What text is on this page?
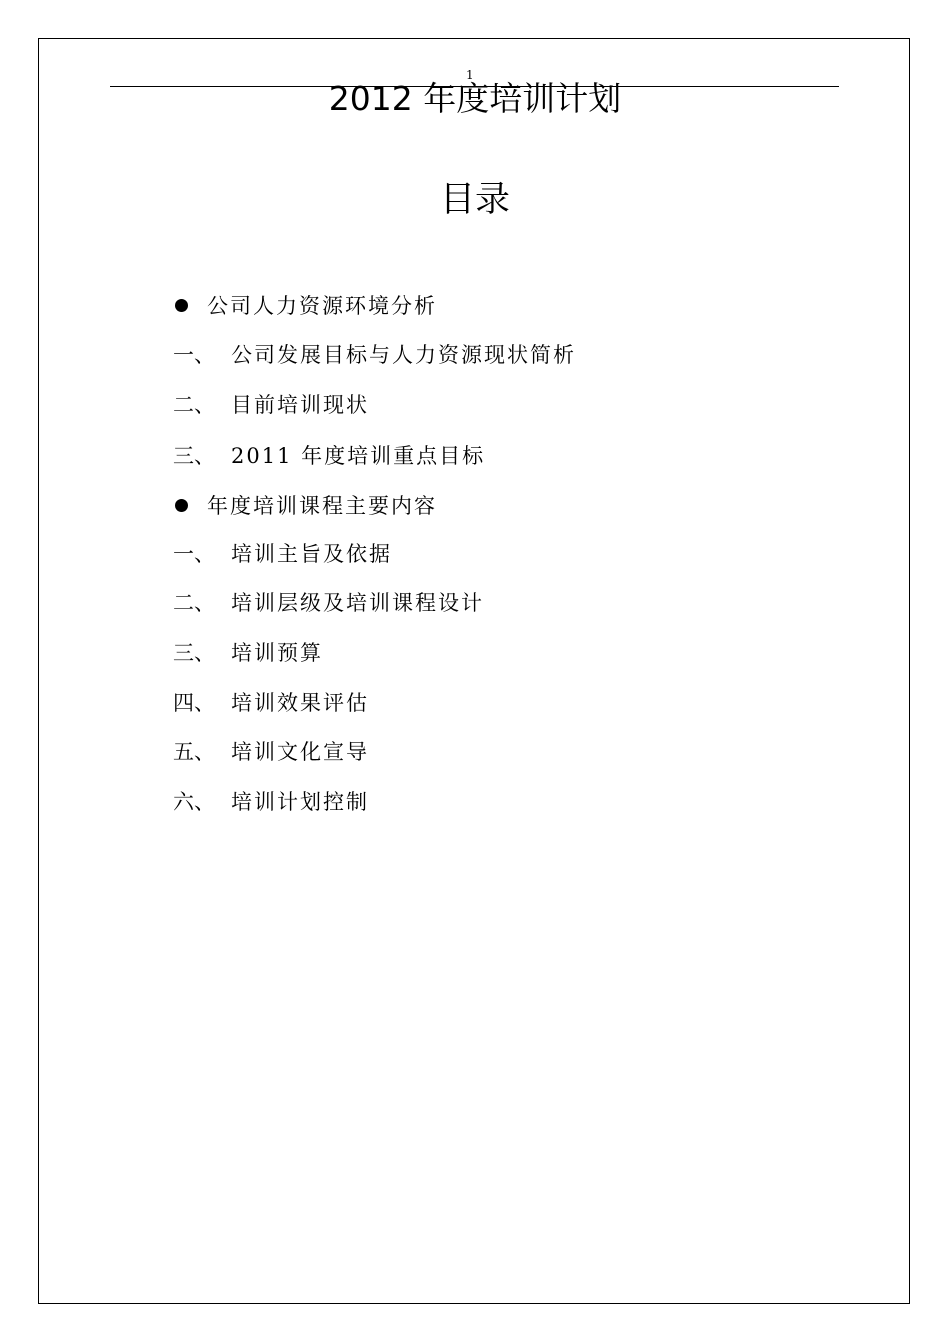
1
2012 年度培训计划
目录
公司人力资源环境分析
一、 公司发展目标与人力资源现状简析
二、 目前培训现状
三、 2011 年度培训重点目标
年度培训课程主要内容
一、 培训主旨及依据
二、 培训层级及培训课程设计
三、 培训预算
四、 培训效果评估
五、 培训文化宣导
六、 培训计划控制
